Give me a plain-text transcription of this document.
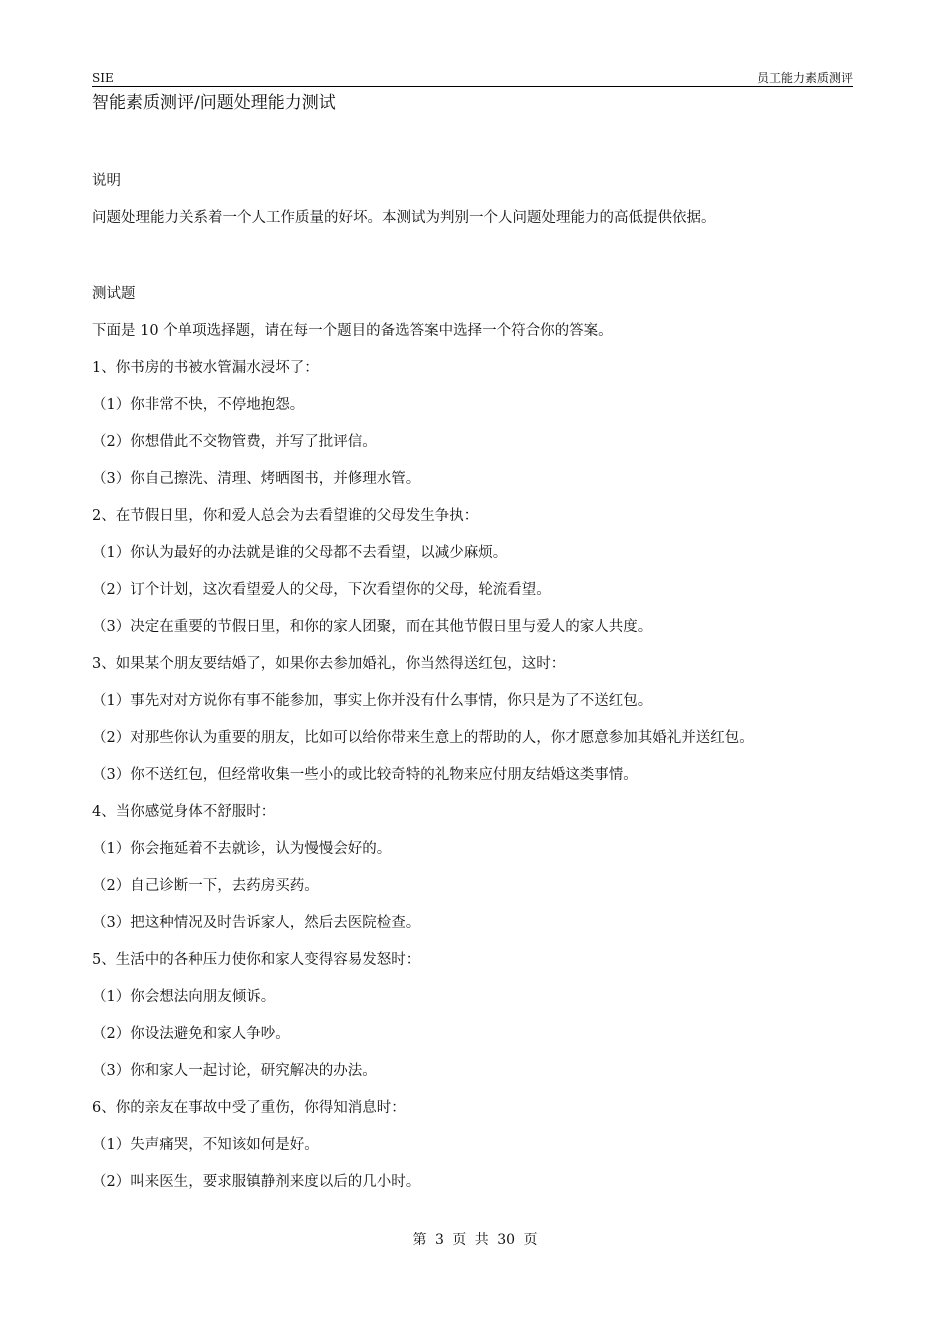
SIE	员工能力素质测评
智能素质测评/问题处理能力测试
说明
问题处理能力关系着一个人工作质量的好坏。本测试为判别一个人问题处理能力的高低提供依据。
测试题
下面是 10 个单项选择题，请在每一个题目的备选答案中选择一个符合你的答案。
1、你书房的书被水管漏水浸坏了：
（1）你非常不快，不停地抱怨。
（2）你想借此不交物管费，并写了批评信。
（3）你自己擦洗、清理、烤晒图书，并修理水管。
2、在节假日里，你和爱人总会为去看望谁的父母发生争执：
（1）你认为最好的办法就是谁的父母都不去看望，以减少麻烦。
（2）订个计划，这次看望爱人的父母，下次看望你的父母，轮流看望。
（3）决定在重要的节假日里，和你的家人团聚，而在其他节假日里与爱人的家人共度。
3、如果某个朋友要结婚了，如果你去参加婚礼，你当然得送红包，这时：
（1）事先对对方说你有事不能参加，事实上你并没有什么事情，你只是为了不送红包。
（2）对那些你认为重要的朋友，比如可以给你带来生意上的帮助的人，你才愿意参加其婚礼并送红包。
（3）你不送红包，但经常收集一些小的或比较奇特的礼物来应付朋友结婚这类事情。
4、当你感觉身体不舒服时：
（1）你会拖延着不去就诊，认为慢慢会好的。
（2）自己诊断一下，去药房买药。
（3）把这种情况及时告诉家人，然后去医院检查。
5、生活中的各种压力使你和家人变得容易发怒时：
（1）你会想法向朋友倾诉。
（2）你设法避免和家人争吵。
（3）你和家人一起讨论，研究解决的办法。
6、你的亲友在事故中受了重伤，你得知消息时：
（1）失声痛哭，不知该如何是好。
（2）叫来医生，要求服镇静剂来度以后的几小时。
第 3 页 共 30 页
